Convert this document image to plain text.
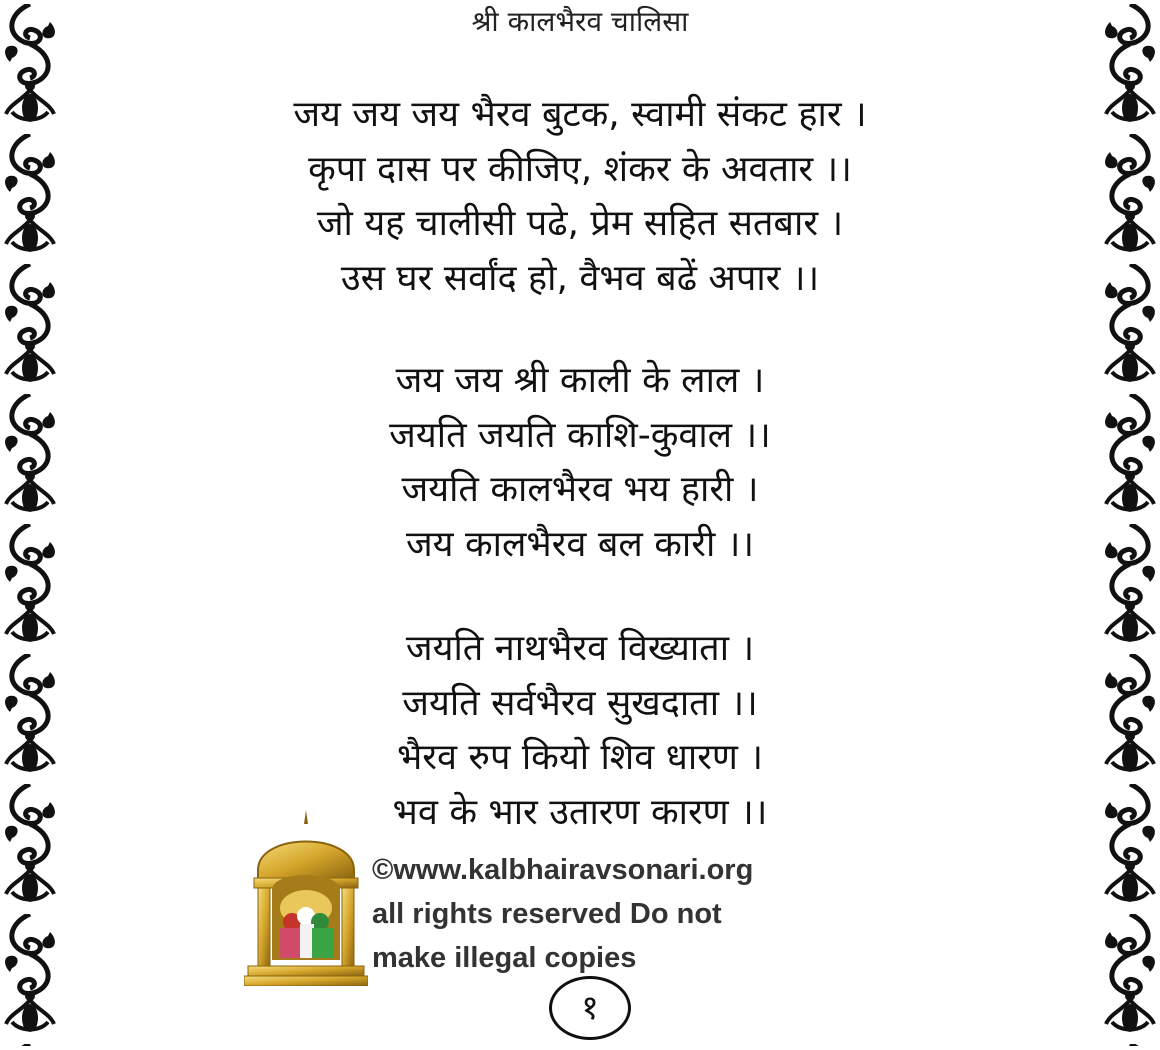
श्री कालभैरव चालिसा
जय जय जय भैरव बुटक, स्वामी संकट हार ।
कृपा दास पर कीजिए, शंकर के अवतार ।।
जो यह चालीसी पढे, प्रेम सहित सतबार ।
उस घर सर्वांद हो, वैभव बढें अपार ।।
जय जय श्री काली के लाल ।
जयति जयति काशि-कुवाल ।।
जयति कालभैरव भय हारी ।
जय कालभैरव बल कारी ।।
जयति नाथभैरव विख्याता ।
जयति सर्वभैरव सुखदाता ।।
भैरव रुप कियो शिव धारण ।
भव के भार उतारण कारण ।।
©www.kalbhairavsonari.org
all rights reserved Do not
make illegal copies
१
